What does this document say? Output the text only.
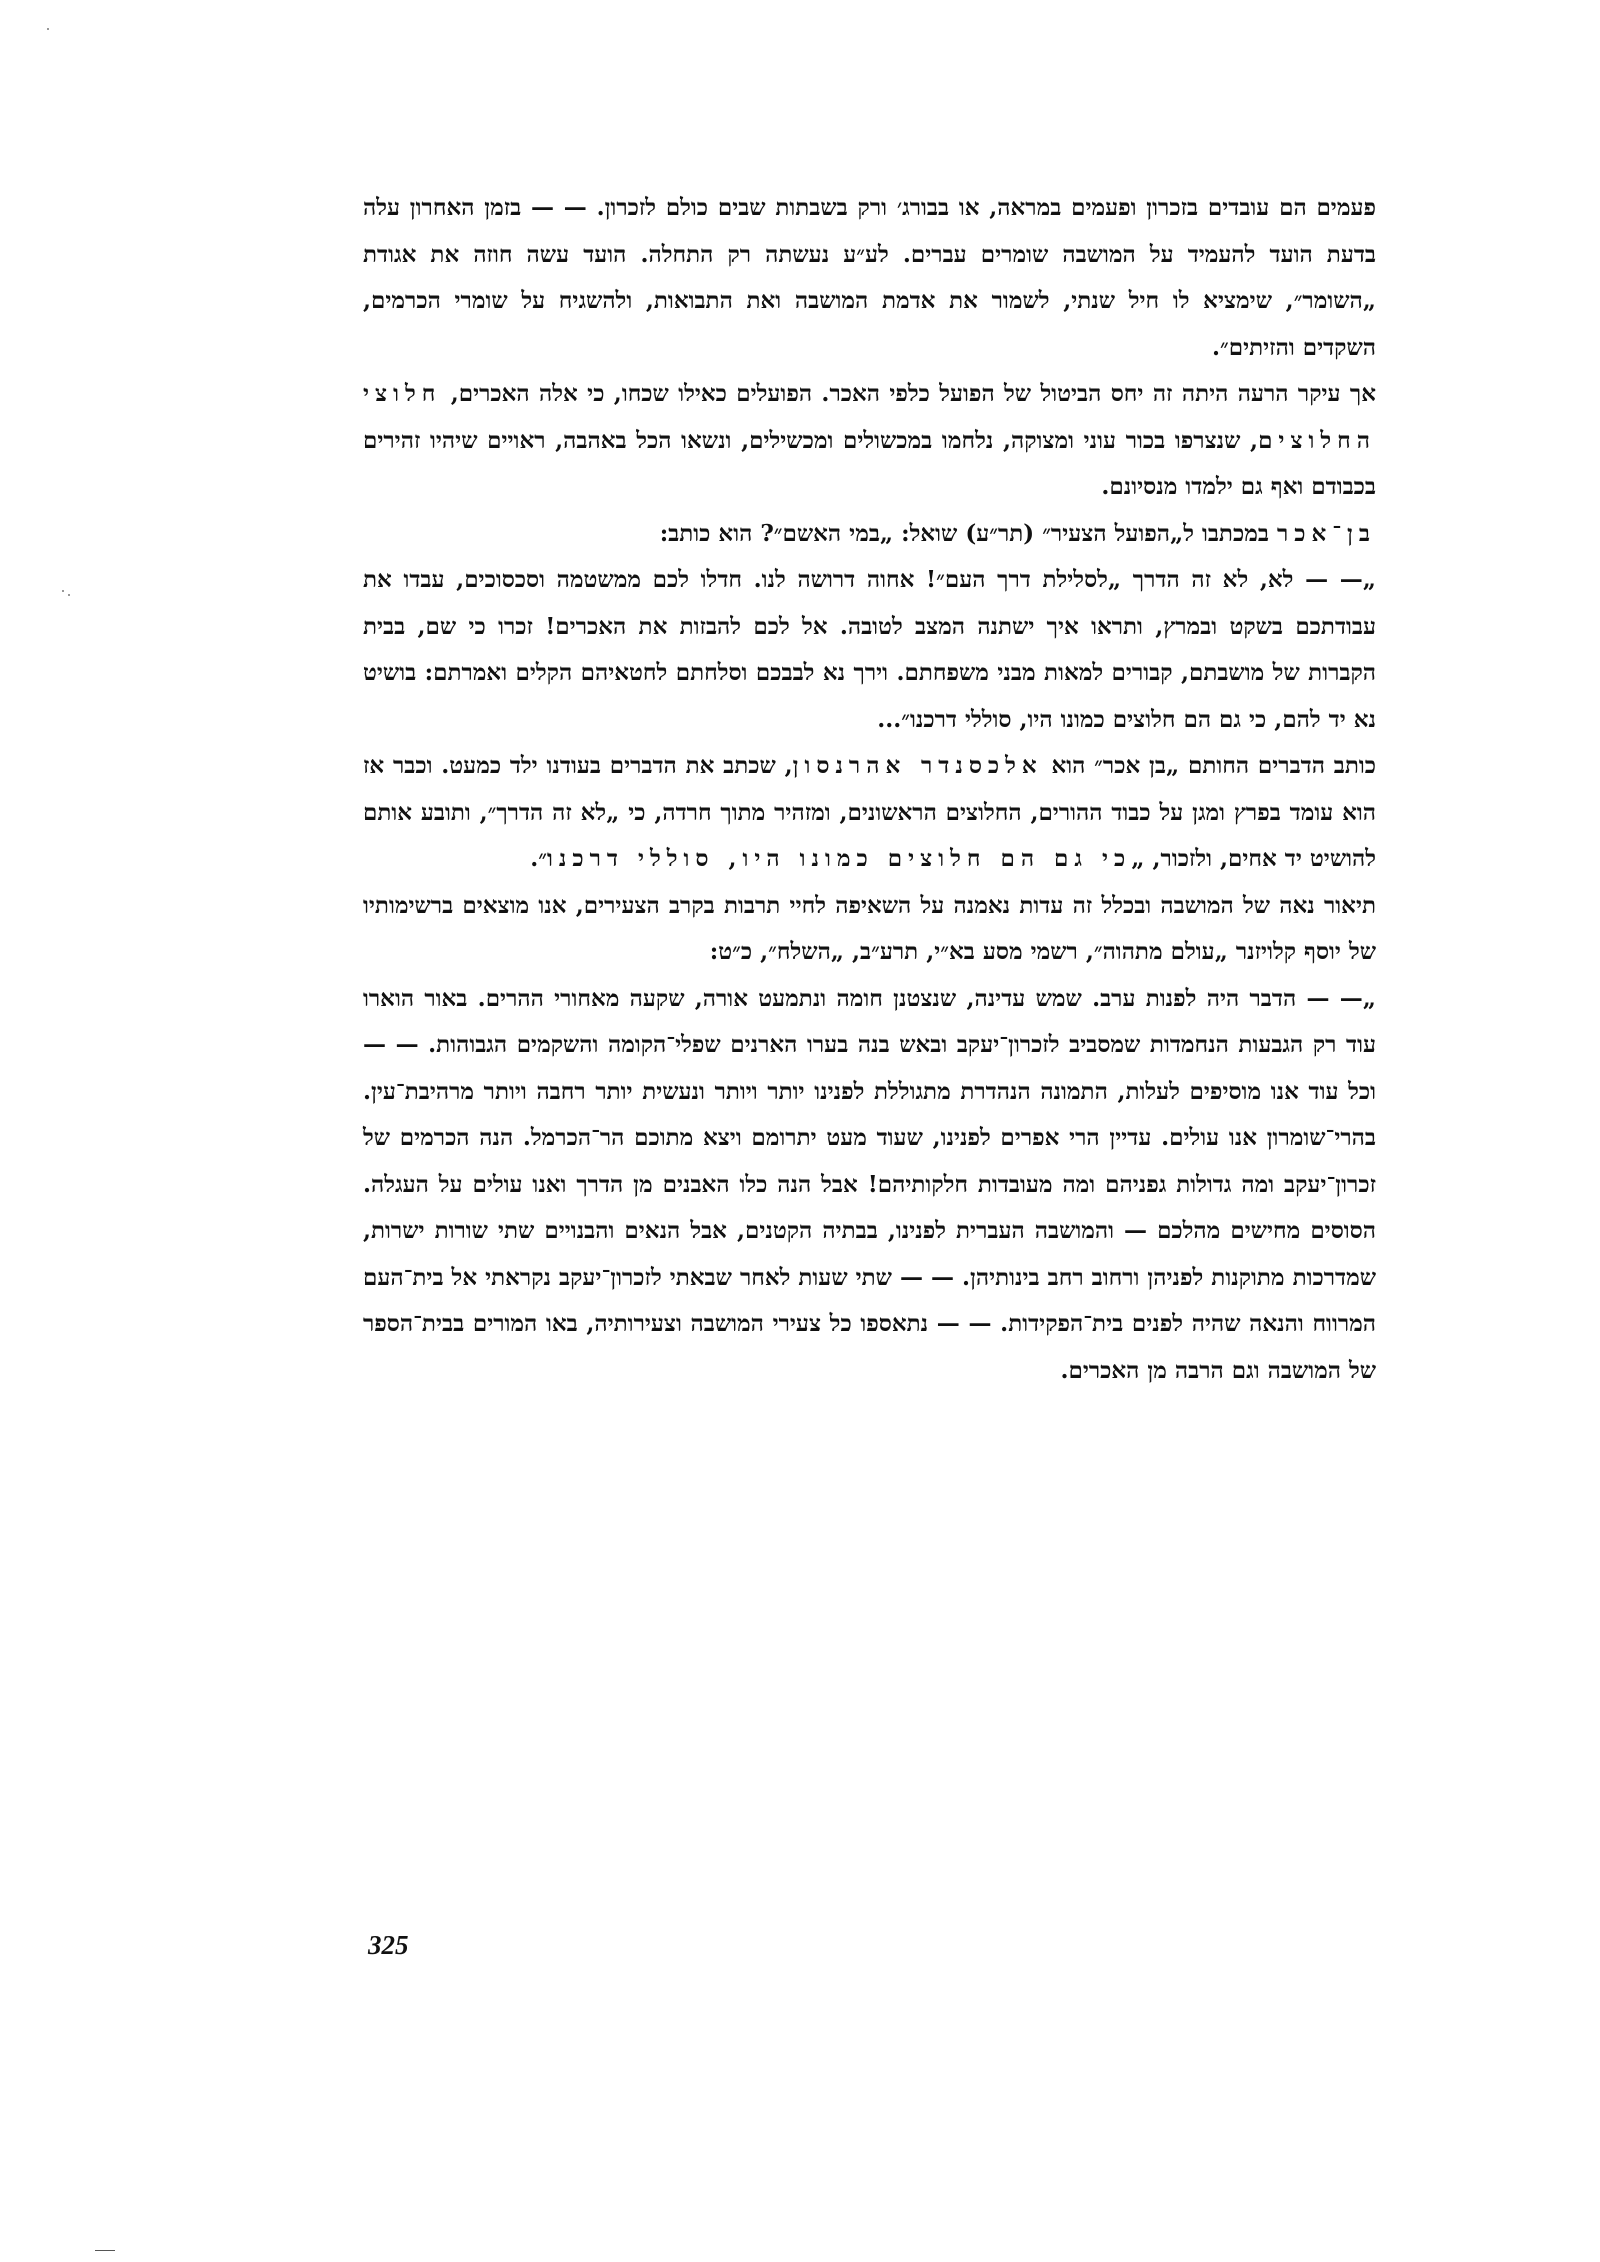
פעמים הם עובדים בזכרון ופעמים במראה, או בבורג׳ ורק בשבתות שבים כולם לזכרון. — — בזמן האחרון עלה בדעת הועד להעמיד על המושבה שומרים עברים. לע״ע נעשתה רק התחלה. הועד עשה חוזה את אגודת „השומר״, שימציא לו חיל שנתי, לשמור את אדמת המושבה ואת התבואות, ולהשגיח על שומרי הכרמים, השקדים והזיתים״.

אך עיקר הרעה היתה זה יחס הביטול של הפועל כלפי האכר. הפועלים כאילו שכחו, כי אלה האכרים, חלוצי החלוצים, שנצרפו בכור עוני ומצוקה, נלחמו במכשולים ומכשילים, ונשאו הכל באהבה, ראויים שיהיו זהירים בכבודם ואף גם ילמדו מנסיונם.

בן־אכר במכתבו ל„הפועל הצעיר״ (תר״ע) שואל: „במי האשם״? הוא כותב:

„— — לא, לא זה הדרך „לסלילת דרך העם״! אחוה דרושה לנו. חדלו לכם ממשטמה וסכסוכים, עבדו את עבודתכם בשקט ובמרץ, ותראו איך ישתנה המצב לטובה. אל לכם להבזות את האכרים! זכרו כי שם, בבית הקברות של מושבתם, קבורים למאות מבני משפחתם. וירך נא לבבכם וסלחתם לחטאיהם הקלים ואמרתם: בושיט נא יד להם, כי גם הם חלוצים כמונו היו, סוללי דרכנו״...

כותב הדברים החותם „בן אכר״ הוא אלכסנדר אהרנסון, שכתב את הדברים בעודנו ילד כמעט. וכבר אז הוא עומד בפרץ ומגן על כבוד ההורים, החלוצים הראשונים, ומזהיר מתוך חרדה, כי „לא זה הדרך״, ותובע אותם להושיט יד אחים, ולזכור, „כי גם הם חלוצים כמונו היו, סוללי דרכנו״.

תיאור נאה של המושבה ובכלל זה עדות נאמנה על השאיפה לחיי תרבות בקרב הצעירים, אנו מוצאים ברשימותיו של יוסף קלויזנר „עולם מתהוה״, רשמי מסע בא״י, תרע״ב, „השלח״, כ״ט:

„— — הדבר היה לפנות ערב. שמש עדינה, שנצטנן חומה ונתמעט אורה, שקעה מאחורי ההרים. באור הוארו עוד רק הגבעות הנחמדות שמסביב לזכרון־יעקב ובאש בנה בערו הארנים שפלי־הקומה והשקמים הגבוהות. — — וכל עוד אנו מוסיפים לעלות, התמונה הנהדרת מתגוללת לפנינו יותר ויותר ונעשית יותר רחבה ויותר מרהיבת־עין. בהרי־שומרון אנו עולים. עדיין הרי אפרים לפנינו, שעוד מעט יתרומם ויצא מתוכם הר־הכרמל. הנה הכרמים של זכרון־יעקב ומה גדולות גפניהם ומה מעובדות חלקותיהם! אבל הנה כלו האבנים מן הדרך ואנו עולים על העגלה. הסוסים מחישים מהלכם — והמושבה העברית לפנינו, בבתיה הקטנים, אבל הנאים והבנויים שתי שורות ישרות, שמדרכות מתוקנות לפניהן ורחוב רחב בינותיהן. — — שתי שעות לאחר שבאתי לזכרון־יעקב נקראתי אל בית־העם המרווח והנאה שהיה לפנים בית־הפקידות. — — נתאספו כל צעירי המושבה וצעירותיה, באו המורים בבית־הספר של המושבה וגם הרבה מן האכרים.

325
